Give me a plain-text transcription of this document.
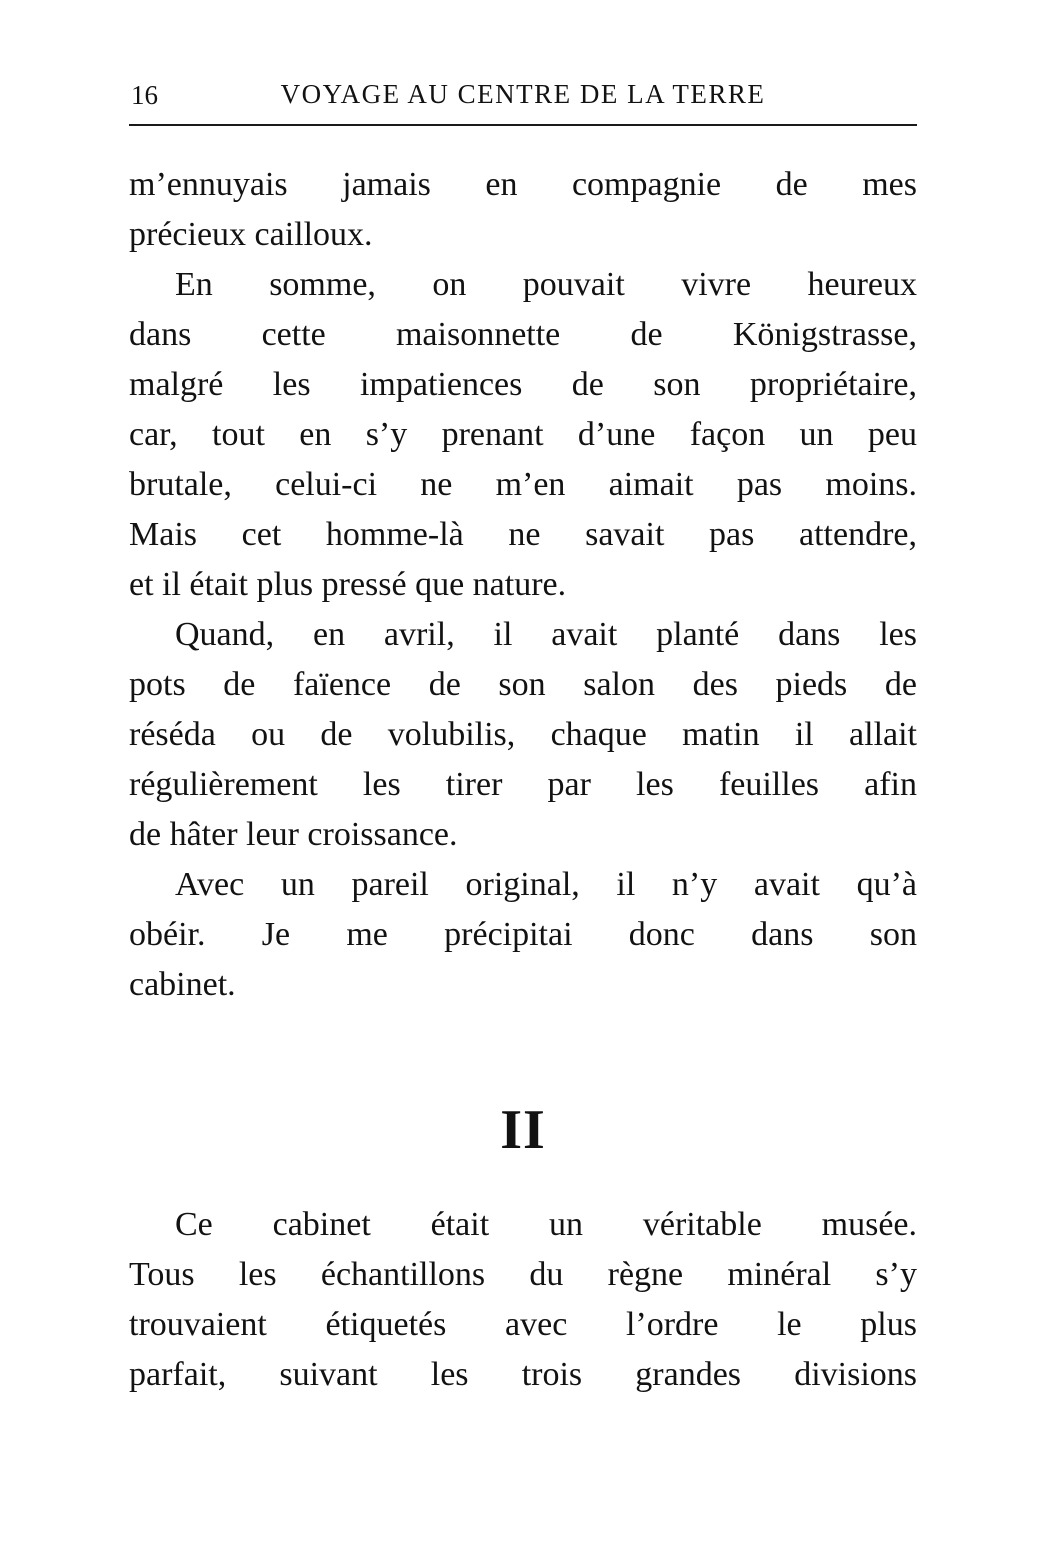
16	VOYAGE AU CENTRE DE LA TERRE
m’ennuyais jamais en compagnie de mes
précieux cailloux.
En somme, on pouvait vivre heureux
dans cette maisonnette de Königstrasse,
malgré les impatiences de son propriétaire,
car, tout en s’y prenant d’une façon un peu
brutale, celui-ci ne m’en aimait pas moins.
Mais cet homme-là ne savait pas attendre,
et il était plus pressé que nature.
Quand, en avril, il avait planté dans les
pots de faïence de son salon des pieds de
réséda ou de volubilis, chaque matin il allait
régulièrement les tirer par les feuilles afin
de hâter leur croissance.
Avec un pareil original, il n’y avait qu’à
obéir. Je me précipitai donc dans son
cabinet.
II
Ce cabinet était un véritable musée.
Tous les échantillons du règne minéral s’y
trouvaient étiquetés avec l’ordre le plus
parfait, suivant les trois grandes divisions
